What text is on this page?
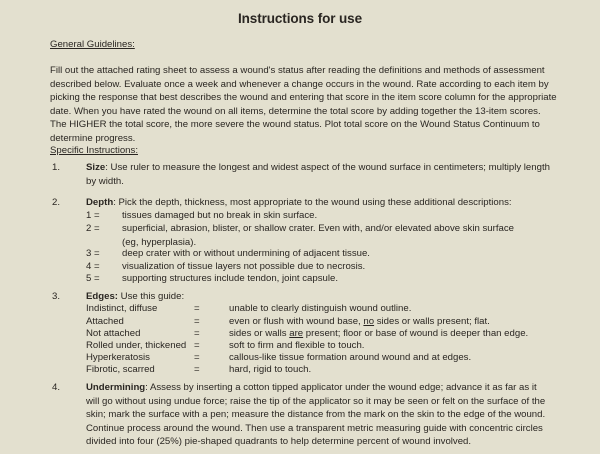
Instructions for use
General Guidelines:
Fill out the attached rating sheet to assess a wound's status after reading the definitions and methods of assessment
described below. Evaluate once a week and whenever a change occurs in the wound. Rate according to each item by
picking the response that best describes the wound and entering that score in the item score column for the appropriate
date. When you have rated the wound on all items, determine the total score by adding together the 13-item scores.
The HIGHER the total score, the more severe the wound status. Plot total score on the Wound Status Continuum to
determine progress.
Specific Instructions:
1.	Size: Use ruler to measure the longest and widest aspect of the wound surface in centimeters; multiply length
by width.
2.	Depth: Pick the depth, thickness, most appropriate to the wound using these additional descriptions:
1 = tissues damaged but no break in skin surface.
2 = superficial, abrasion, blister, or shallow crater. Even with, and/or elevated above skin surface
(eg, hyperplasia).
3 = deep crater with or without undermining of adjacent tissue.
4 = visualization of tissue layers not possible due to necrosis.
5 = supporting structures include tendon, joint capsule.
3.	Edges: Use this guide:
Indistinct, diffuse	=	unable to clearly distinguish wound outline.
Attached	=	even or flush with wound base, no sides or walls present; flat.
Not attached	=	sides or walls are present; floor or base of wound is deeper than edge.
Rolled under, thickened =	soft to firm and flexible to touch.
Hyperkeratosis	=	callous-like tissue formation around wound and at edges.
Fibrotic, scarred	=	hard, rigid to touch.
4.	Undermining: Assess by inserting a cotton tipped applicator under the wound edge; advance it as far as it
will go without using undue force; raise the tip of the applicator so it may be seen or felt on the surface of the
skin; mark the surface with a pen; measure the distance from the mark on the skin to the edge of the wound.
Continue process around the wound. Then use a transparent metric measuring guide with concentric circles
divided into four (25%) pie-shaped quadrants to help determine percent of wound involved.
